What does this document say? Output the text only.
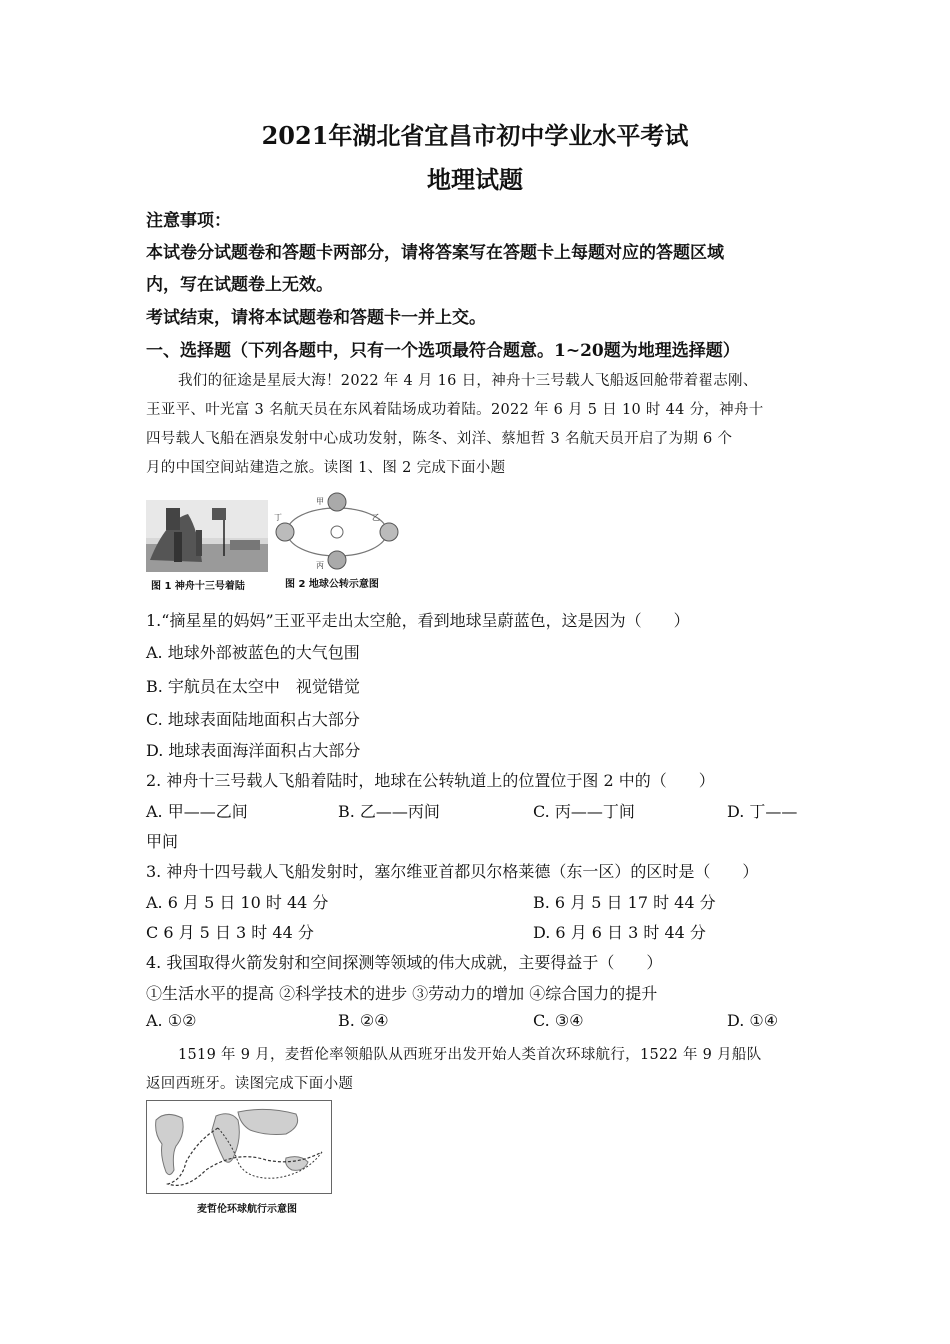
2021年湖北省宜昌市初中学业水平考试
地理试题
注意事项：
本试卷分试题卷和答题卡两部分，请将答案写在答题卡上每题对应的答题区域
内，写在试题卷上无效。
考试结束，请将本试题卷和答题卡一并上交。
一、选择题（下列各题中，只有一个选项最符合题意。1~20题为地理选择题）
我们的征途是星辰大海！2022 年 4 月 16 日，神舟十三号载人飞船返回舱带着翟志刚、
王亚平、叶光富 3 名航天员在东风着陆场成功着陆。2022 年 6 月 5 日 10 时 44 分，神舟十
四号载人飞船在酒泉发射中心成功发射，陈冬、刘洋、蔡旭哲 3 名航天员开启了为期 6 个
月的中国空间站建造之旅。读图 1、图 2 完成下面小题
图 1 神舟十三号着陆
甲
乙
丙
丁
图 2 地球公转示意图
1.“摘星星的妈妈”王亚平走出太空舱，看到地球呈蔚蓝色，这是因为（　　）
A. 地球外部被蓝色的大气包围
B. 宇航员在太空中　视觉错觉
C. 地球表面陆地面积占大部分
D. 地球表面海洋面积占大部分
2. 神舟十三号载人飞船着陆时，地球在公转轨道上的位置位于图 2 中的（　　）
A. 甲——乙间	B. 乙——丙间	C. 丙——丁间	D. 丁——
甲间
3. 神舟十四号载人飞船发射时，塞尔维亚首都贝尔格莱德（东一区）的区时是（　　）
A. 6 月 5 日 10 时 44 分	B. 6 月 5 日 17 时 44 分
C 6 月 5 日 3 时 44 分	D. 6 月 6 日 3 时 44 分
4. 我国取得火箭发射和空间探测等领域的伟大成就，主要得益于（　　）
①生活水平的提高 ②科学技术的进步 ③劳动力的增加 ④综合国力的提升
A. ①②	B. ②④	C. ③④	D. ①④
1519 年 9 月，麦哲伦率领船队从西班牙出发开始人类首次环球航行，1522 年 9 月船队
返回西班牙。读图完成下面小题
麦哲伦环球航行示意图
